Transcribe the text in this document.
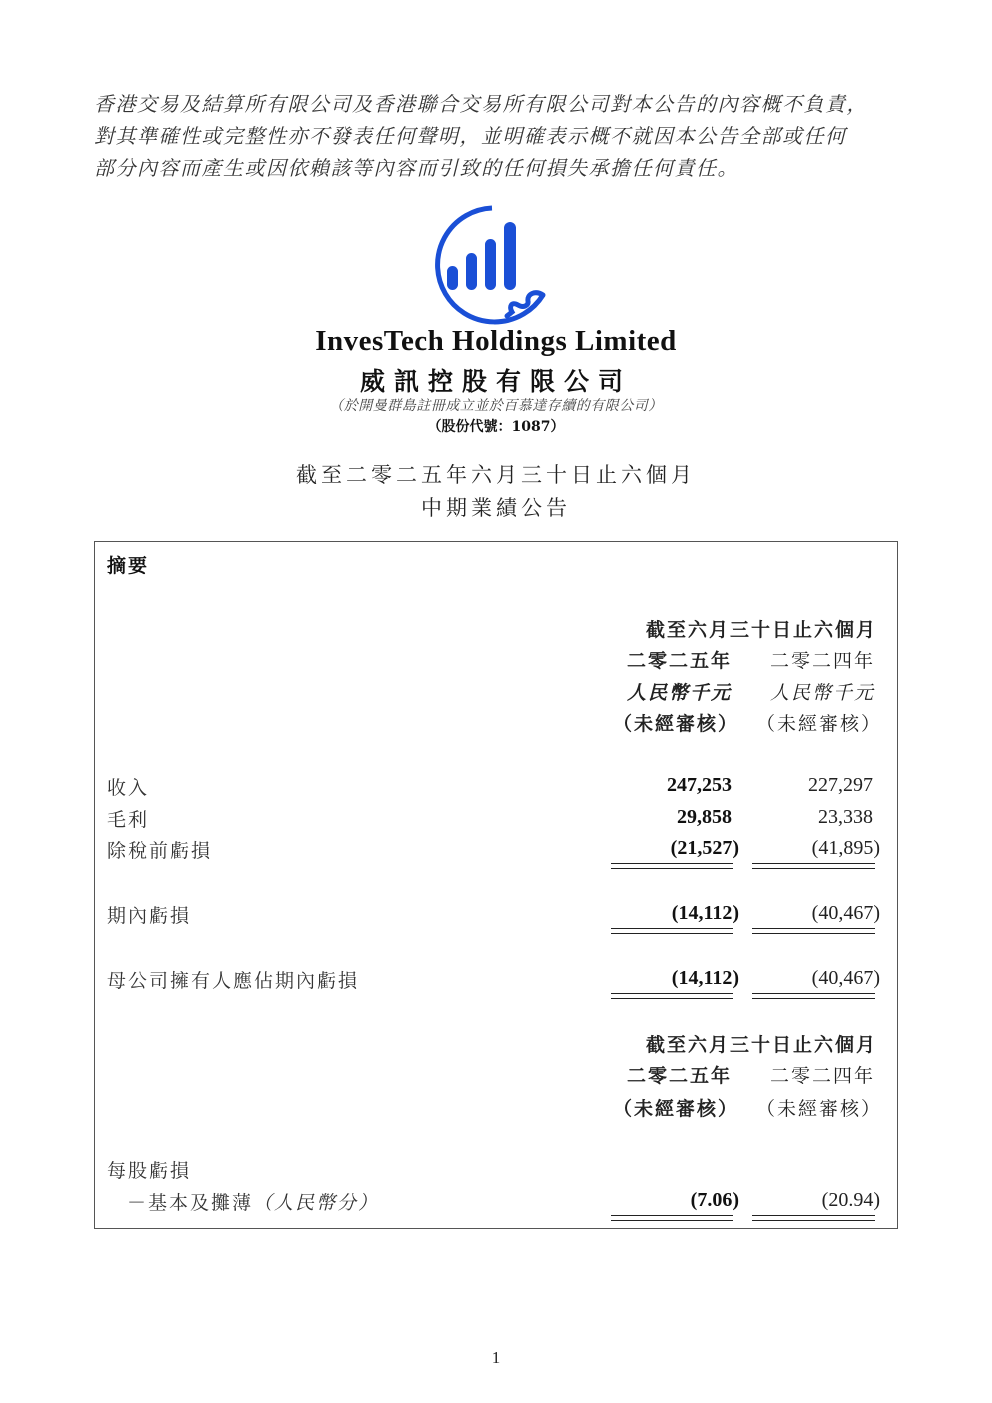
香港交易及結算所有限公司及香港聯合交易所有限公司對本公告的內容概不負責，
對其準確性或完整性亦不發表任何聲明，並明確表示概不就因本公告全部或任何
部分內容而產生或因依賴該等內容而引致的任何損失承擔任何責任。
InvesTech Holdings Limited
威訊控股有限公司
（於開曼群島註冊成立並於百慕達存續的有限公司）
（股份代號：1087）
截至二零二五年六月三十日止六個月
中期業績公告
摘要
截至六月三十日止六個月
二零二五年 二零二四年
人民幣千元 人民幣千元
（未經審核） （未經審核）
收入	247,253	227,297
毛利	29,858	23,338
除稅前虧損	(21,527)	(41,895)
期內虧損	(14,112)	(40,467)
母公司擁有人應佔期內虧損	(14,112)	(40,467)
截至六月三十日止六個月
二零二五年 二零二四年
（未經審核） （未經審核）
每股虧損
－基本及攤薄（人民幣分）	(7.06)	(20.94)
1
